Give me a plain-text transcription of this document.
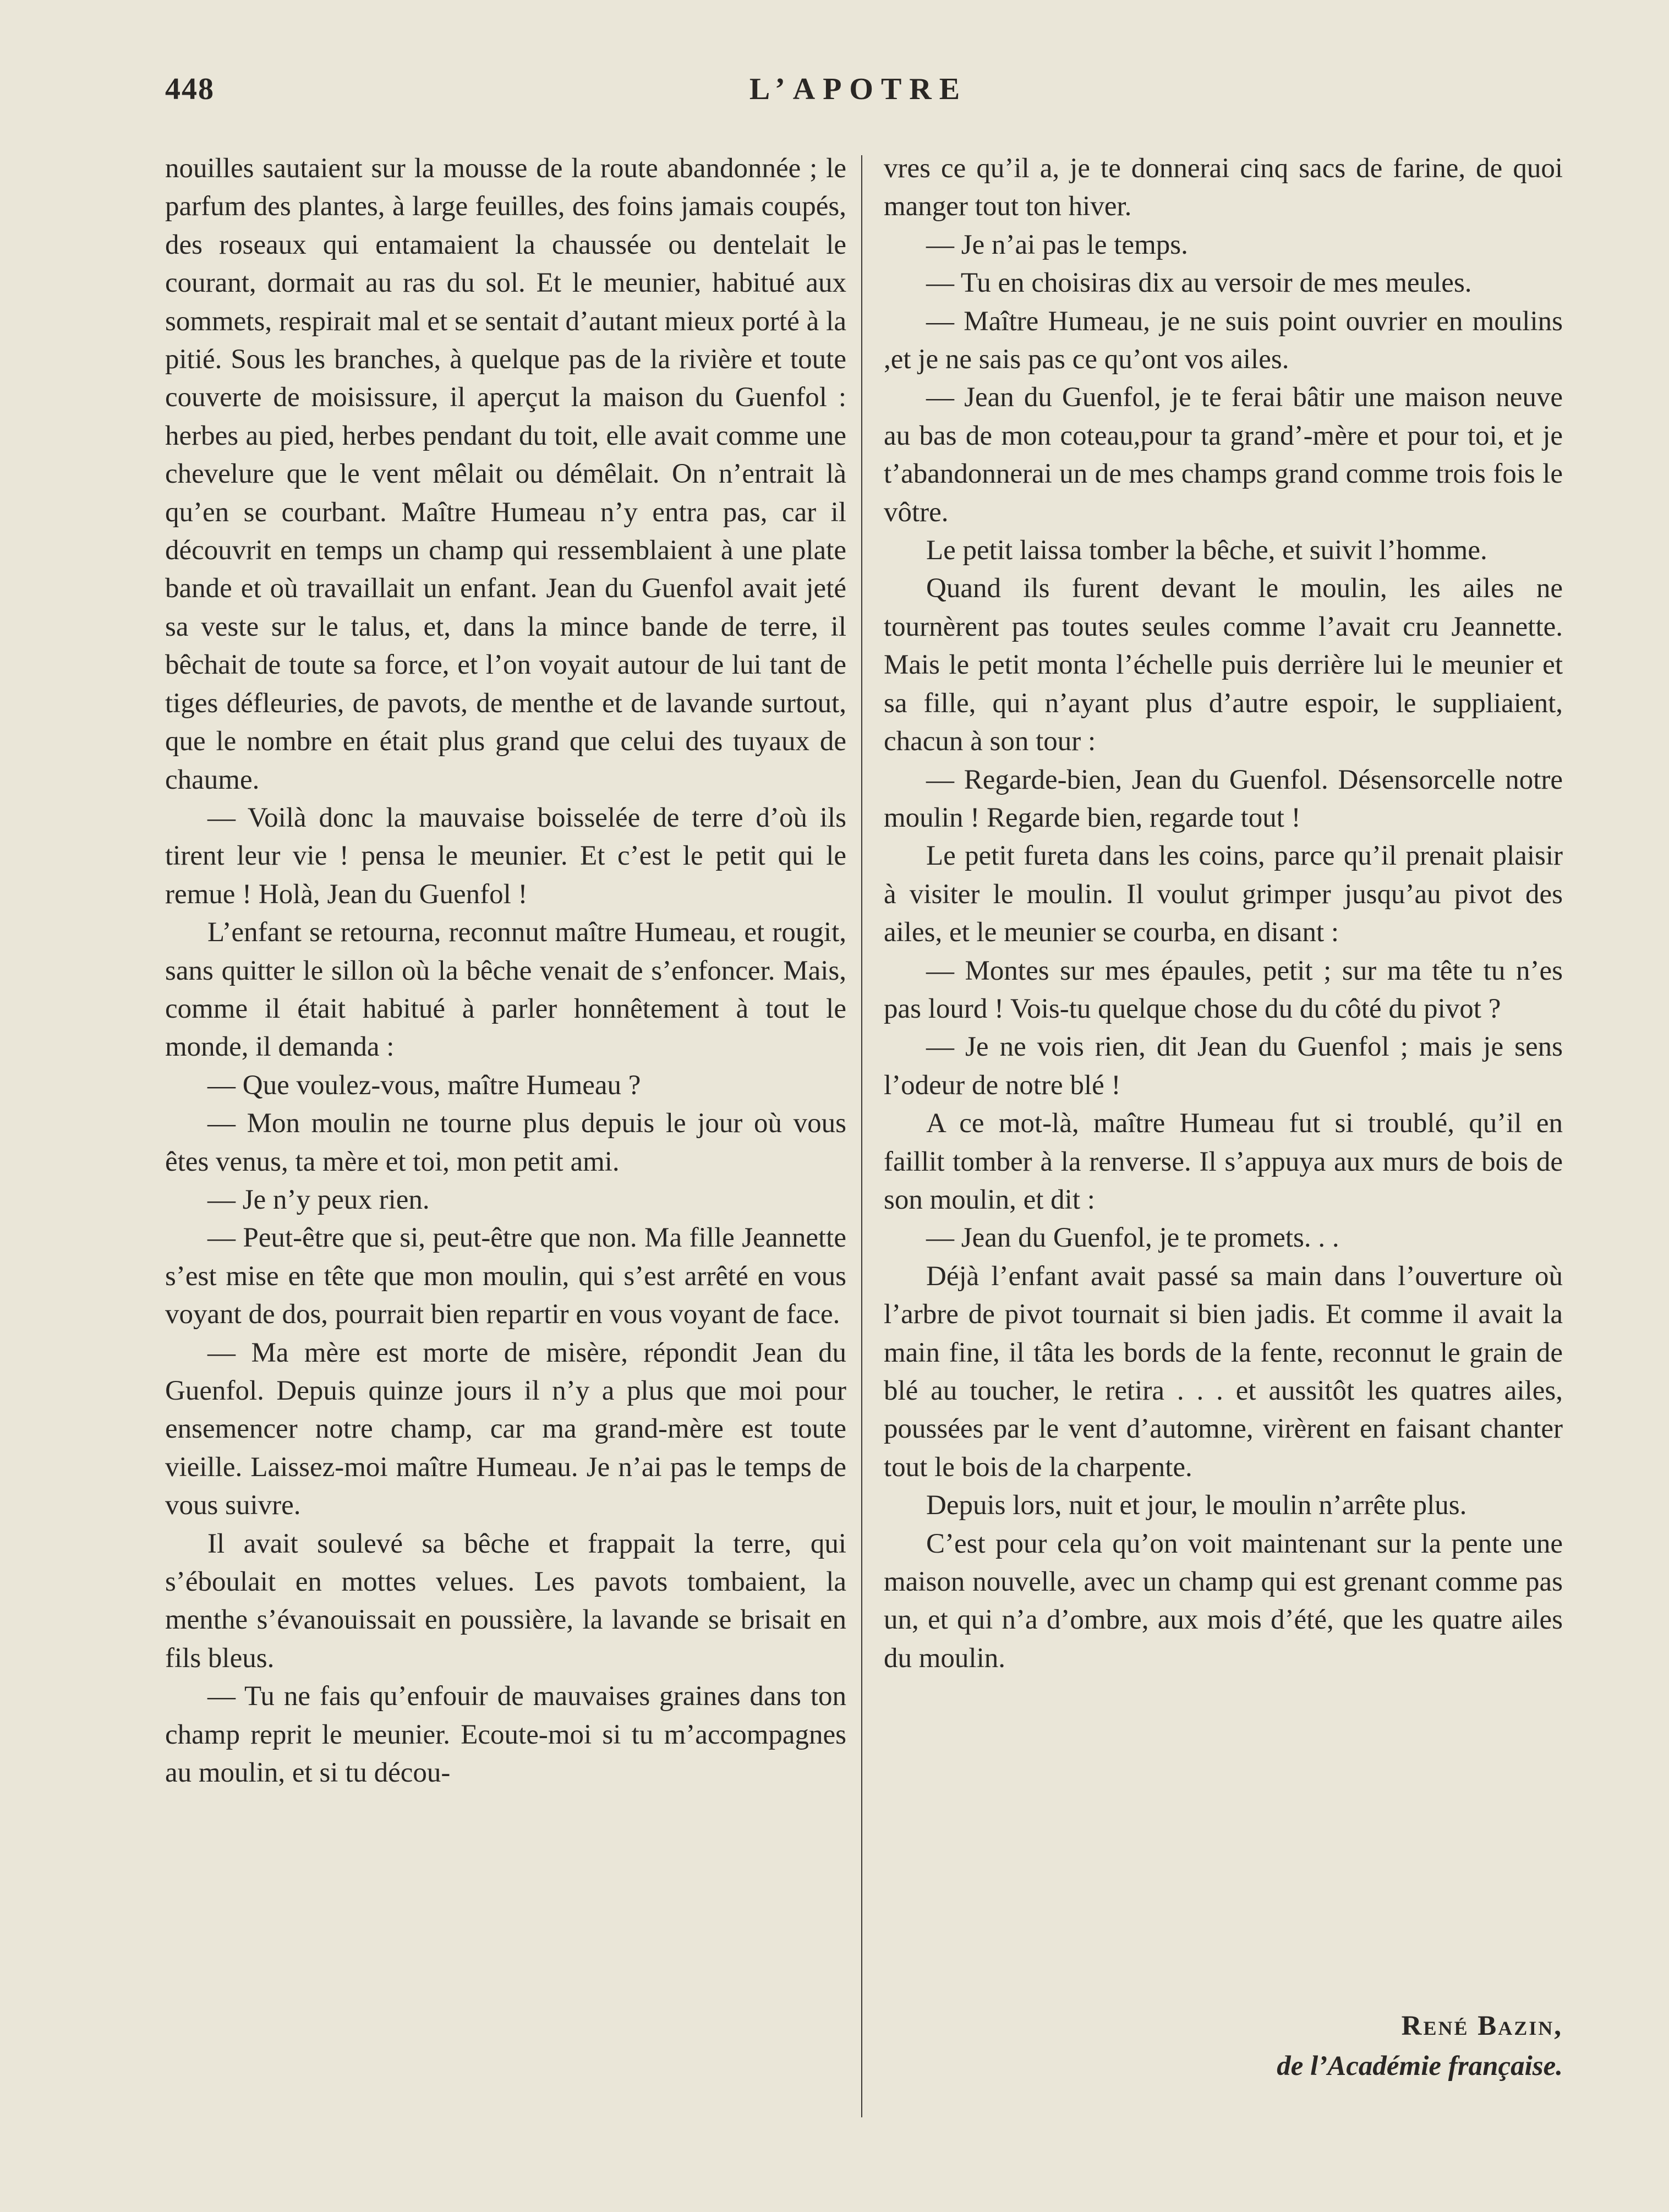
448	L’APOTRE

nouilles sautaient sur la mousse de la route abandonnée ; le parfum des plantes, à large feuilles, des foins jamais coupés, des roseaux qui entamaient la chaussée ou dentelait le courant, dormait au ras du sol. Et le meunier, habitué aux sommets, respirait mal et se sentait d’autant mieux porté à la pitié. Sous les branches, à quelque pas de la rivière et toute couverte de moisissure, il aperçut la maison du Guenfol : herbes au pied, herbes pendant du toit, elle avait comme une chevelure que le vent mêlait ou démêlait. On n’entrait là qu’en se courbant. Maître Humeau n’y entra pas, car il découvrit en temps un champ qui ressemblaient à une plate bande et où travaillait un enfant. Jean du Guenfol avait jeté sa veste sur le talus, et, dans la mince bande de terre, il bêchait de toute sa force, et l’on voyait autour de lui tant de tiges défleuries, de pavots, de menthe et de lavande surtout, que le nombre en était plus grand que celui des tuyaux de chaume.

— Voilà donc la mauvaise boisselée de terre d’où ils tirent leur vie ! pensa le meunier. Et c’est le petit qui le remue ! Holà, Jean du Guenfol !

L’enfant se retourna, reconnut maître Humeau, et rougit, sans quitter le sillon où la bêche venait de s’enfoncer. Mais, comme il était habitué à parler honnêtement à tout le monde, il demanda :

— Que voulez-vous, maître Humeau ?

— Mon moulin ne tourne plus depuis le jour où vous êtes venus, ta mère et toi, mon petit ami.

— Je n’y peux rien.

— Peut-être que si, peut-être que non. Ma fille Jeannette s’est mise en tête que mon moulin, qui s’est arrêté en vous voyant de dos, pourrait bien repartir en vous voyant de face.

— Ma mère est morte de misère, répondit Jean du Guenfol. Depuis quinze jours il n’y a plus que moi pour ensemencer notre champ, car ma grand-mère est toute vieille. Laissez-moi maître Humeau. Je n’ai pas le temps de vous suivre.

Il avait soulevé sa bêche et frappait la terre, qui s’éboulait en mottes velues. Les pavots tombaient, la menthe s’évanouissait en poussière, la lavande se brisait en fils bleus.

— Tu ne fais qu’enfouir de mauvaises graines dans ton champ reprit le meunier. Ecoute-moi si tu m’accompagnes au moulin, et si tu décou-

vres ce qu’il a, je te donnerai cinq sacs de farine, de quoi manger tout ton hiver.

— Je n’ai pas le temps.

— Tu en choisiras dix au versoir de mes meules.

— Maître Humeau, je ne suis point ouvrier en moulins ,et je ne sais pas ce qu’ont vos ailes.

— Jean du Guenfol, je te ferai bâtir une maison neuve au bas de mon coteau,pour ta grand’-mère et pour toi, et je t’abandonnerai un de mes champs grand comme trois fois le vôtre.

Le petit laissa tomber la bêche, et suivit l’homme.

Quand ils furent devant le moulin, les ailes ne tournèrent pas toutes seules comme l’avait cru Jeannette. Mais le petit monta l’échelle puis derrière lui le meunier et sa fille, qui n’ayant plus d’autre espoir, le suppliaient, chacun à son tour :

— Regarde-bien, Jean du Guenfol. Désensorcelle notre moulin ! Regarde bien, regarde tout !

Le petit fureta dans les coins, parce qu’il prenait plaisir à visiter le moulin. Il voulut grimper jusqu’au pivot des ailes, et le meunier se courba, en disant :

— Montes sur mes épaules, petit ; sur ma tête tu n’es pas lourd ! Vois-tu quelque chose du du côté du pivot ?

— Je ne vois rien, dit Jean du Guenfol ; mais je sens l’odeur de notre blé !

A ce mot-là, maître Humeau fut si troublé, qu’il en faillit tomber à la renverse. Il s’appuya aux murs de bois de son moulin, et dit :

— Jean du Guenfol, je te promets. . .

Déjà l’enfant avait passé sa main dans l’ouverture où l’arbre de pivot tournait si bien jadis. Et comme il avait la main fine, il tâta les bords de la fente, reconnut le grain de blé au toucher, le retira . . . et aussitôt les quatres ailes, poussées par le vent d’automne, virèrent en faisant chanter tout le bois de la charpente.

Depuis lors, nuit et jour, le moulin n’arrête plus.

C’est pour cela qu’on voit maintenant sur la pente une maison nouvelle, avec un champ qui est grenant comme pas un, et qui n’a d’ombre, aux mois d’été, que les quatre ailes du moulin.

René Bazin,
de l’Académie française.
